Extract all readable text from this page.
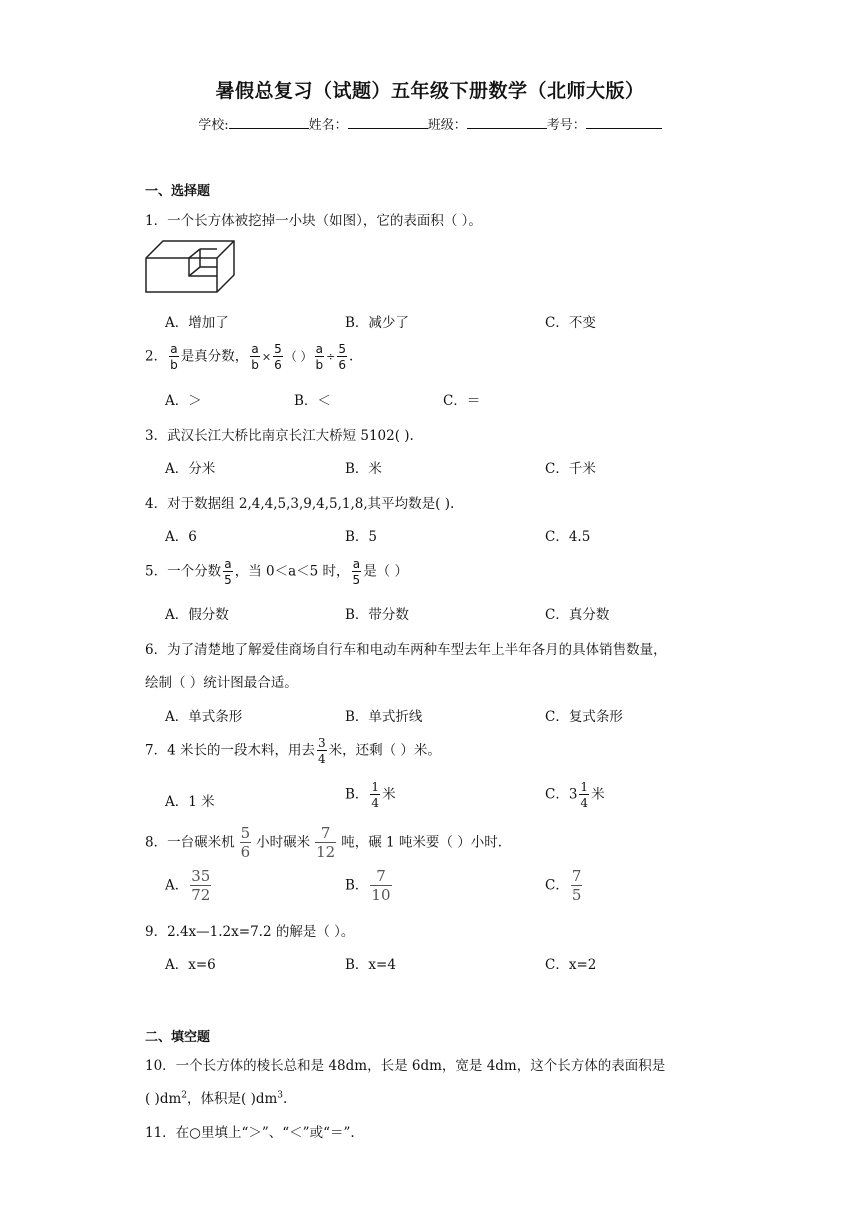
暑假总复习（试题）五年级下册数学（北师大版）
学校:	姓名：	班级：	考号：
一、选择题
1．一个长方体被挖掉一小块（如图），它的表面积（ ）。
A．增加了	B．减少了	C．不变
2． $\frac{a}{b}$ 是真分数， $\frac{a}{b} \times \frac{5}{6}$ （ ） $\frac{a}{b} \div \frac{5}{6}$ .
A．＞	B．＜	C．＝
3．武汉长江大桥比南京长江大桥短 5102( ).
A．分米	B．米	C．千米
4．对于数据组 2,4,4,5,3,9,4,5,1,8,其平均数是( ).
A．6	B．5	C．4.5
5．一个分数 $\frac{a}{5}$ ，当 0＜a＜5 时， $\frac{a}{5}$ 是（ ）
A．假分数	B．带分数	C．真分数
6．为了清楚地了解爱佳商场自行车和电动车两种车型去年上半年各月的具体销售数量，
绘制（ ）统计图最合适。
A．单式条形	B．单式折线	C．复式条形
7．4 米长的一段木料，用去 $\frac{3}{4}$ 米，还剩（ ）米。
A．1 米	B． $\frac{1}{4}$ 米	C．$3 \frac{1}{4}$ 米
8．一台碾米机 $\frac{5}{6}$ 小时碾米 $\frac{7}{12}$ 吨，碾 1 吨米要（ ）小时.
A． $\frac{35}{72}$	B． $\frac{7}{10}$	C． $\frac{7}{5}$
9．2.4x—1.2x=7.2 的解是（ ）。
A．x=6	B．x=4	C．x=2
二、填空题
10．一个长方体的棱长总和是 48dm，长是 6dm，宽是 4dm，这个长方体的表面积是
( )$dm^2$，体积是( )$dm^3$.
11．在○里填上“＞”、“＜”或“＝”.
